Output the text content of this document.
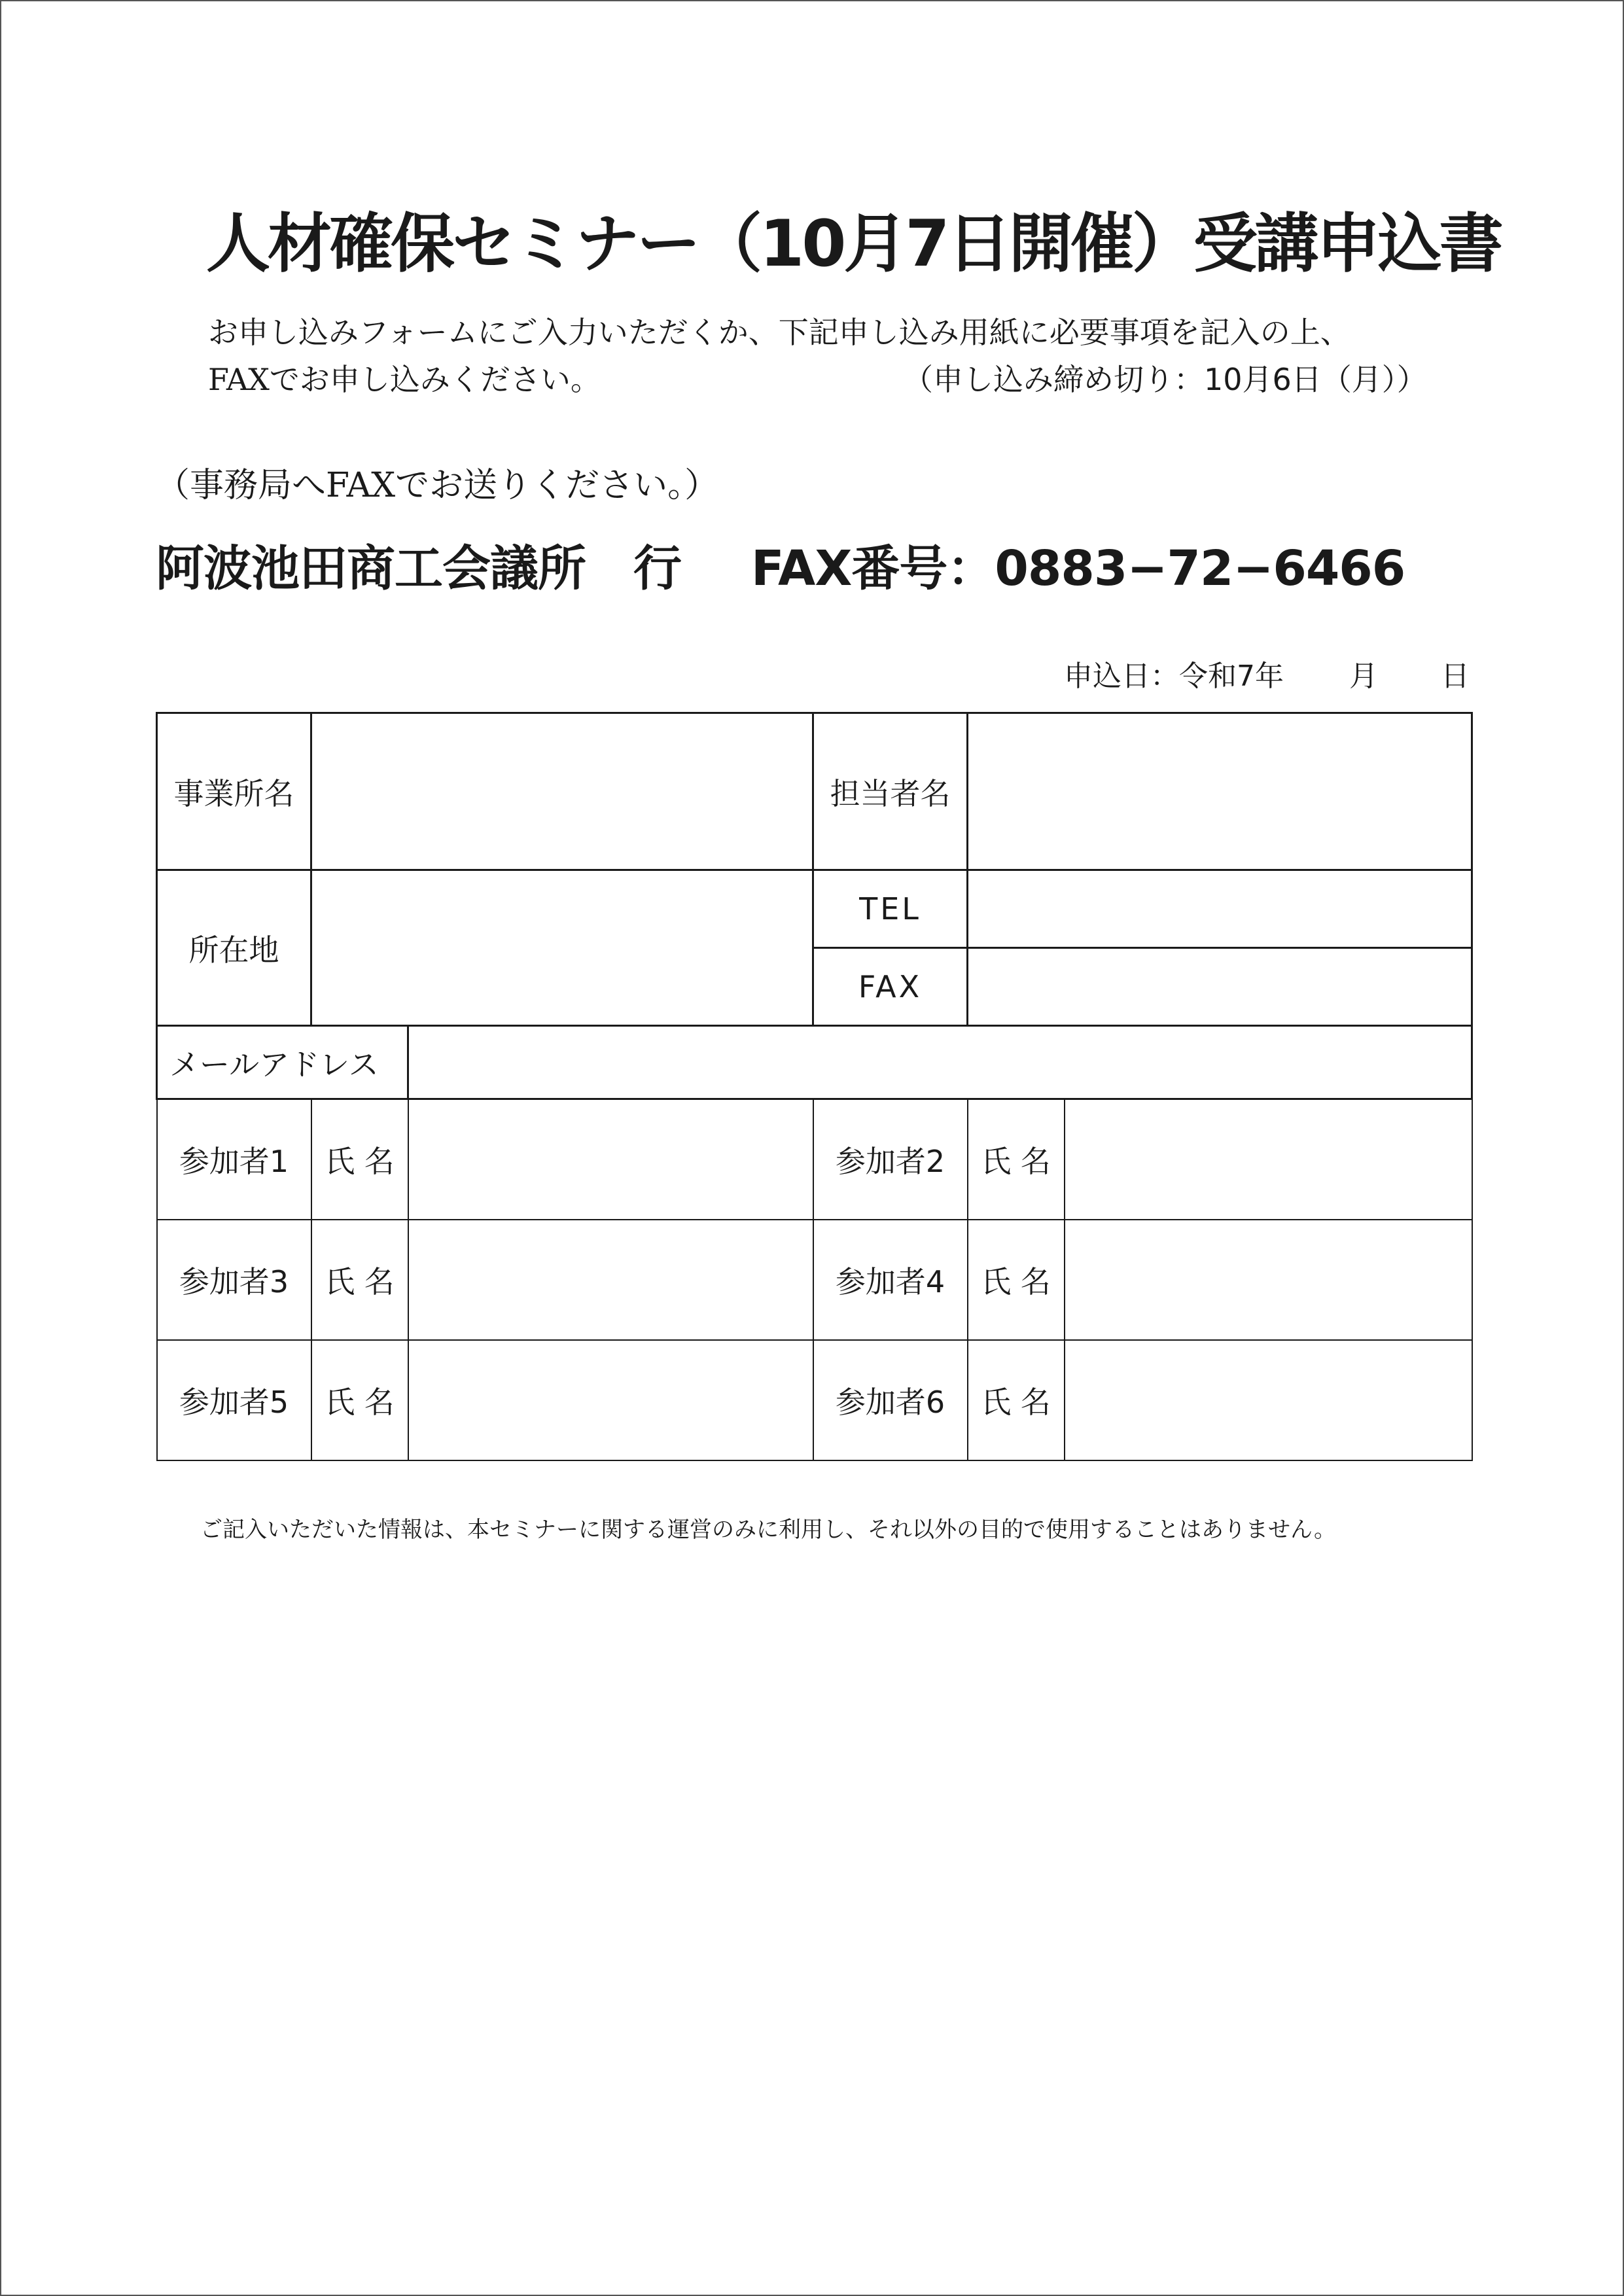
人材確保セミナー（10月7日開催）受講申込書
お申し込みフォームにご入力いただくか、下記申し込み用紙に必要事項を記入の上、
FAXでお申し込みください。	（申し込み締め切り：10月6日（月））
（事務局へFAXでお送りください。）
阿波池田商工会議所　行 FAX番号：0883−72−6466
申込日：令和7年 月 日
事業所名			担当者名		
所在地			TEL		
			FAX		
メールアドレス					
参加者1	氏 名		参加者2	氏 名	
参加者3	氏 名		参加者4	氏 名	
参加者5	氏 名		参加者6	氏 名	
ご記入いただいた情報は、本セミナーに関する運営のみに利用し、それ以外の目的で使用することはありません。
